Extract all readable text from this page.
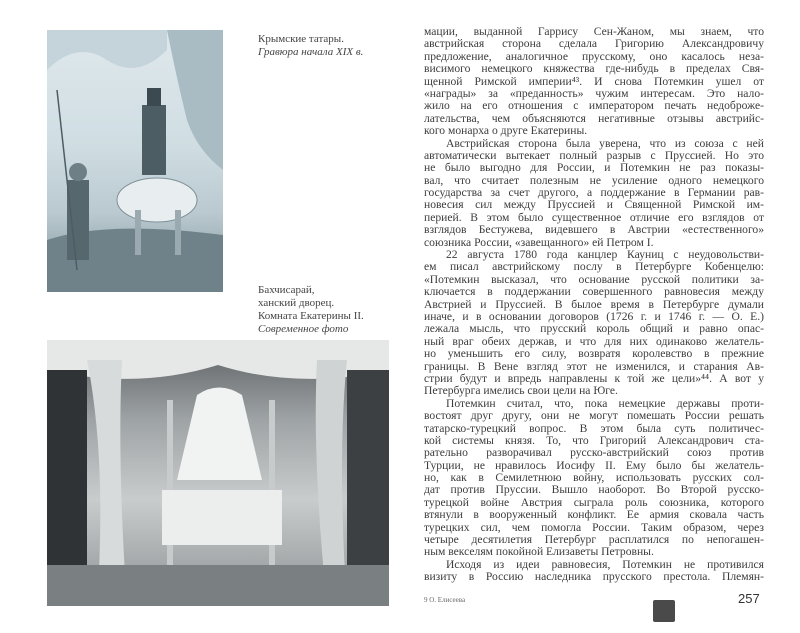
Крымские татары.
Гравюра начала XIX в.
Бахчисарай,
ханский дворец.
Комната Екатерины II.
Современное фото
мации, выданной Гаррису Сен-Жаном, мы знаем, что
австрийская сторона сделала Григорию Александровичу
предложение, аналогичное прусскому, оно касалось неза-
висимого немецкого княжества где-нибудь в пределах Свя-
щенной Римской империи⁴³. И снова Потемкин ушел от
«награды» за «преданность» чужим интересам. Это нало-
жило на его отношения с императором печать недоброже-
лательства, чем объясняются негативные отзывы австрийс-
кого монарха о друге Екатерины.
Австрийская сторона была уверена, что из союза с ней
автоматически вытекает полный разрыв с Пруссией. Но это
не было выгодно для России, и Потемкин не раз показы-
вал, что считает полезным не усиление одного немецкого
государства за счет другого, а поддержание в Германии рав-
новесия сил между Пруссией и Священной Римской им-
перией. В этом было существенное отличие его взглядов от
взглядов Бестужева, видевшего в Австрии «естественного»
союзника России, «завещанного» ей Петром I.
22 августа 1780 года канцлер Кауниц с неудовольстви-
ем писал австрийскому послу в Петербурге Кобенцелю:
«Потемкин высказал, что основание русской политики за-
ключается в поддержании совершенного равновесия между
Австрией и Пруссией. В былое время в Петербурге думали
иначе, и в основании договоров (1726 г. и 1746 г. — О. Е.)
лежала мысль, что прусский король общий и равно опас-
ный враг обеих держав, и что для них одинаково желатель-
но уменьшить его силу, возвратя королевство в прежние
границы. В Вене взгляд этот не изменился, и старания Ав-
стрии будут и впредь направлены к той же цели»⁴⁴. А вот у
Петербурга имелись свои цели на Юге.
Потемкин считал, что, пока немецкие державы проти-
востоят друг другу, они не могут помешать России решать
татарско-турецкий вопрос. В этом была суть политичес-
кой системы князя. То, что Григорий Александрович ста-
рательно разворачивал русско-австрийский союз против
Турции, не нравилось Иосифу II. Ему было бы желатель-
но, как в Семилетнюю войну, использовать русских сол-
дат против Пруссии. Вышло наоборот. Во Второй русско-
турецкой войне Австрия сыграла роль союзника, которого
втянули в вооруженный конфликт. Ее армия сковала часть
турецких сил, чем помогла России. Таким образом, через
четыре десятилетия Петербург расплатился по непогашен-
ным векселям покойной Елизаветы Петровны.
Исходя из идеи равновесия, Потемкин не противился
визиту в Россию наследника прусского престола. Племян-
9 О. Елисеева	257
